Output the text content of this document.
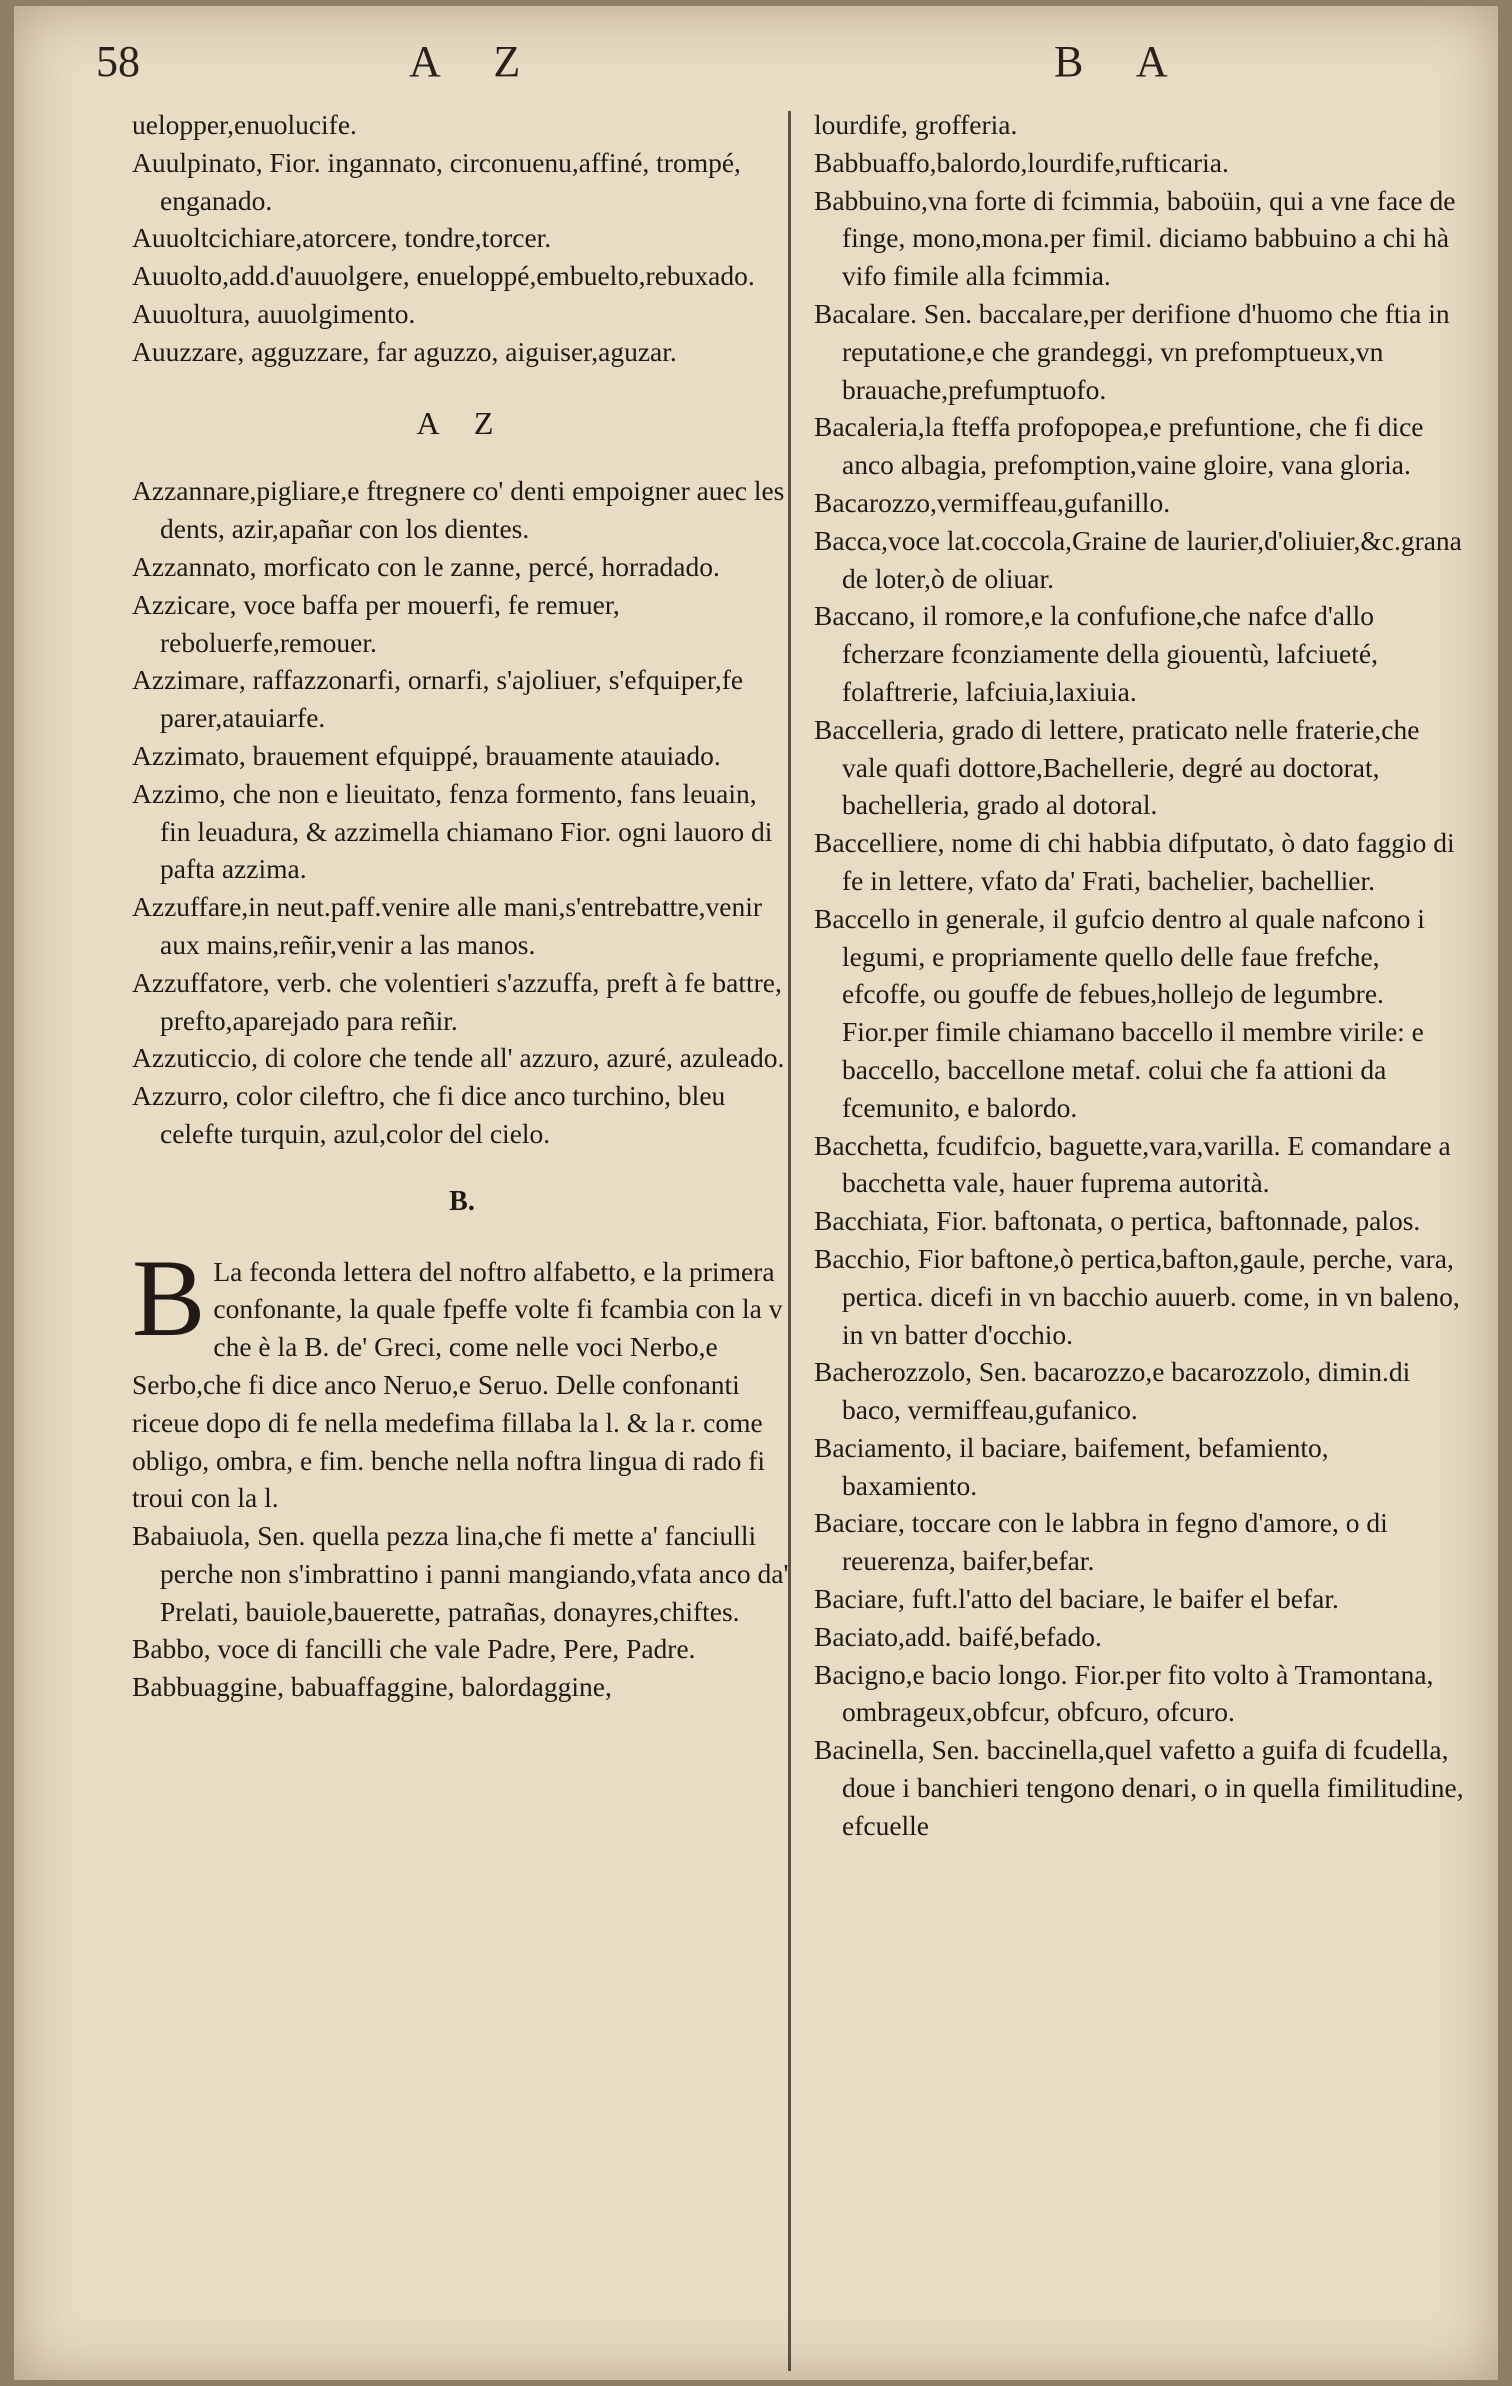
58	A Z	B A

uelopper,enuolucife.

Auulpinato, Fior. ingannato, circonuenu,affiné, trompé, enganado.

Auuoltcichiare,atorcere, tondre,torcer.

Auuolto,add.d'auuolgere, enueloppé,embuelto,rebuxado.

Auuoltura, auuolgimento.

Auuzzare, agguzzare, far aguzzo, aiguiser,aguzar.

A Z

Azzannare,pigliare,e ftregnere co' denti empoigner auec les dents, azir,apañar con los dientes.

Azzannato, morficato con le zanne, percé, horradado.

Azzicare, voce baffa per mouerfi, fe remuer, reboluerfe,remouer.

Azzimare, raffazzonarfi, ornarfi, s'ajoliuer, s'efquiper,fe parer,atauiarfe.

Azzimato, brauement efquippé, brauamente atauiado.

Azzimo, che non e lieuitato, fenza formento, fans leuain, fin leuadura, & azzimella chiamano Fior. ogni lauoro di pafta azzima.

Azzuffare,in neut.paff.venire alle mani,s'entrebattre,venir aux mains,reñir,venir a las manos.

Azzuffatore, verb. che volentieri s'azzuffa, preft à fe battre, prefto,aparejado para reñir.

Azzuticcio, di colore che tende all' azzuro, azuré, azuleado.

Azzurro, color cileftro, che fi dice anco turchino, bleu celefte turquin, azul,color del cielo.

B.

B La feconda lettera del noftro alfabetto, e la primera confonante, la quale fpeffe volte fi fcambia con la v che è la B. de' Greci, come nelle voci Nerbo,e Serbo,che fi dice anco Neruo,e Seruo. Delle confonanti riceue dopo di fe nella medefima fillaba la l. & la r. come obligo, ombra, e fim. benche nella noftra lingua di rado fi troui con la l.

Babaiuola, Sen. quella pezza lina,che fi mette a' fanciulli perche non s'imbrattino i panni mangiando,vfata anco da' Prelati, bauiole,bauerette, patrañas, donayres,chiftes.

Babbo, voce di fancilli che vale Padre, Pere, Padre.

Babbuaggine, babuaffaggine, balordaggine,

lourdife, grofferia.

Babbuaffo,balordo,lourdife,rufticaria.

Babbuino,vna forte di fcimmia, baboüin, qui a vne face de finge, mono,mona.per fimil. diciamo babbuino a chi hà vifo fimile alla fcimmia.

Bacalare. Sen. baccalare,per derifione d'huomo che ftia in reputatione,e che grandeggi, vn prefomptueux,vn brauache,prefumptuofo.

Bacaleria,la fteffa profopopea,e prefuntione, che fi dice anco albagia, prefomption,vaine gloire, vana gloria.

Bacarozzo,vermiffeau,gufanillo.

Bacca,voce lat.coccola,Graine de laurier,d'oliuier,&c.grana de loter,ò de oliuar.

Baccano, il romore,e la confufione,che nafce d'allo fcherzare fconziamente della giouentù, lafciueté, folaftrerie, lafciuia,laxiuia.

Baccelleria, grado di lettere, praticato nelle fraterie,che vale quafi dottore,Bachellerie, degré au doctorat, bachelleria, grado al dotoral.

Baccelliere, nome di chi habbia difputato, ò dato faggio di fe in lettere, vfato da' Frati, bachelier, bachellier.

Baccello in generale, il gufcio dentro al quale nafcono i legumi, e propriamente quello delle faue frefche, efcoffe, ou gouffe de febues,hollejo de legumbre. Fior.per fimile chiamano baccello il membre virile: e baccello, baccellone metaf. colui che fa attioni da fcemunito, e balordo.

Bacchetta, fcudifcio, baguette,vara,varilla. E comandare a bacchetta vale, hauer fuprema autorità.

Bacchiata, Fior. baftonata, o pertica, baftonnade, palos.

Bacchio, Fior baftone,ò pertica,bafton,gaule, perche, vara, pertica. dicefi in vn bacchio auuerb. come, in vn baleno, in vn batter d'occhio.

Bacherozzolo, Sen. bacarozzo,e bacarozzolo, dimin.di baco, vermiffeau,gufanico.

Baciamento, il baciare, baifement, befamiento, baxamiento.

Baciare, toccare con le labbra in fegno d'amore, o di reuerenza, baifer,befar.

Baciare, fuft.l'atto del baciare, le baifer el befar.

Baciato,add. baifé,befado.

Bacigno,e bacio longo. Fior.per fito volto à Tramontana, ombrageux,obfcur, obfcuro, ofcuro.

Bacinella, Sen. baccinella,quel vafetto a guifa di fcudella, doue i banchieri tengono denari, o in quella fimilitudine, efcuelle
